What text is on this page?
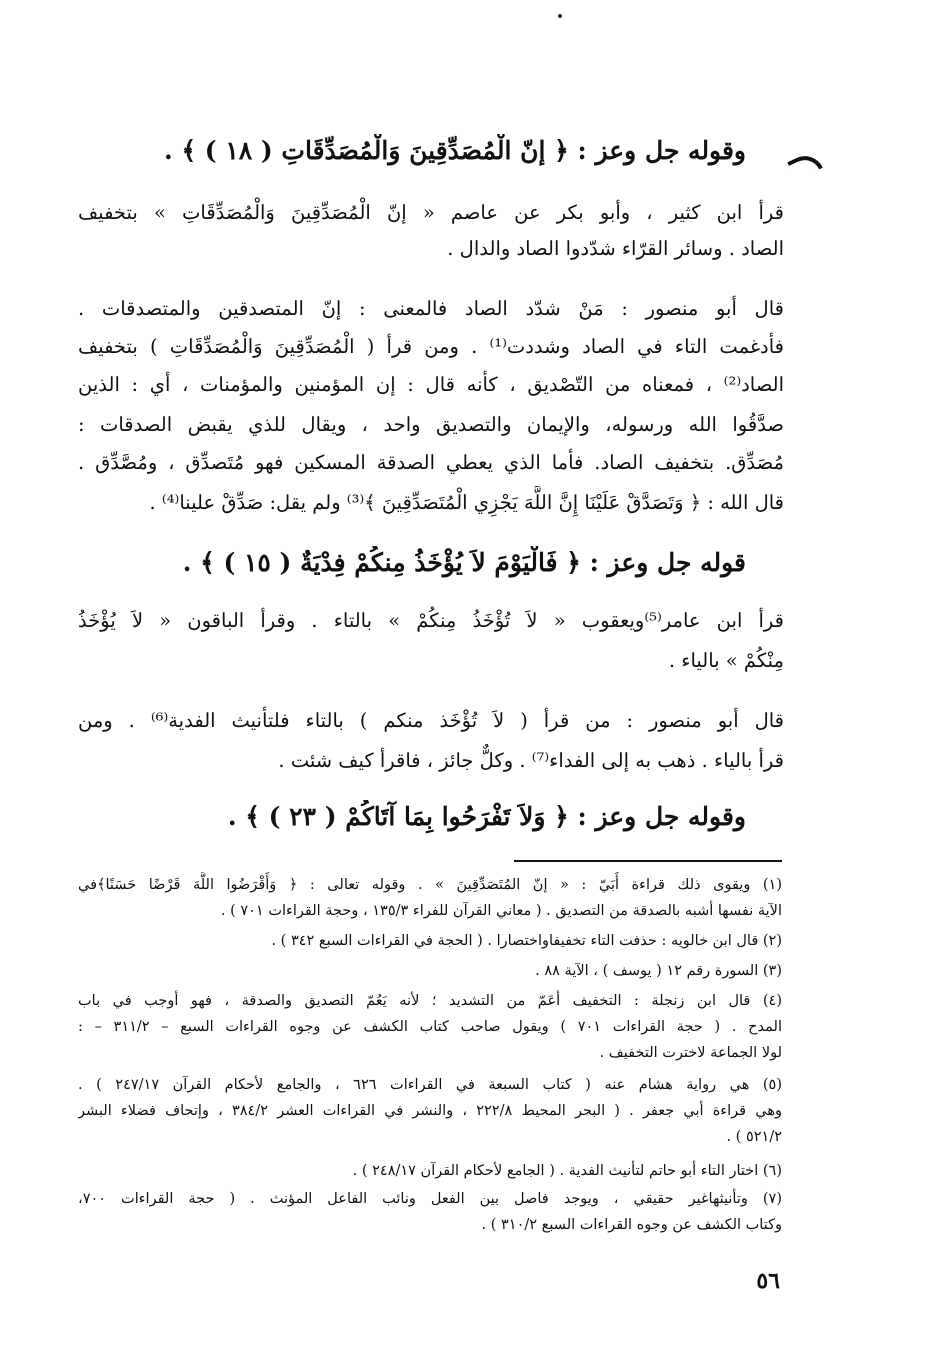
وقوله جل وعز : ﴿ إنّ الْمُصَدِّقِينَ وَالْمُصَدِّقَاتِ ( ١٨ ) ﴾ .
قرأ ابن كثير ، وأبو بكر عن عاصم « إنّ الْمُصَدِّقِينَ وَالْمُصَدِّقَاتِ » بتخفيف
الصاد . وسائر القرّاء شدّدوا الصاد والدال .
قال أبو منصور : مَنْ شدّد الصاد فالمعنى : إنّ المتصدقين والمتصدقات .
فأدغمت التاء في الصاد وشددت⁽¹⁾ . ومن قرأ ( الْمُصَدِّقِينَ وَالْمُصَدِّقَاتِ ) بتخفيف
الصاد⁽²⁾ ، فمعناه من التّصْديق ، كأنه قال : إن المؤمنين والمؤمنات ، أي : الذين
صدَّقُوا الله ورسوله، والإيمان والتصديق واحد ، ويقال للذي يقبض الصدقات :
مُصَدِّق. بتخفيف الصاد. فأما الذي يعطي الصدقة المسكين فهو مُتَصدِّق ، ومُصَّدِّق .
قال الله : ﴿ وَتَصَدَّقْ عَلَيْنَا إِنَّ اللَّهَ يَجْزِي الْمُتَصَدِّقِينَ ﴾⁽³⁾ ولم يقل: صَدِّقْ علينا⁽⁴⁾ .
قوله جل وعز : ﴿ فَالْيَوْمَ لاَ يُؤْخَذُ مِنكُمْ فِدْيَةٌ ( ١٥ ) ﴾ .
قرأ ابن عامر⁽⁵⁾ويعقوب « لاَ تُؤْخَذُ مِنكُمْ » بالتاء . وقرأ الباقون « لاَ يُؤْخَذُ
مِنْكُمْ » بالياء .
قال أبو منصور : من قرأ ( لاَ تُؤْخَذ منكم ) بالتاء فلتأنيث الفدية⁽⁶⁾ . ومن
قرأ بالياء . ذهب به إلى الفداء⁽⁷⁾ . وكلٌّ جائز ، فاقرأ كيف شئت .
وقوله جل وعز : ﴿ وَلاَ تَفْرَحُوا بِمَا آتَاكُمْ ( ٢٣ ) ﴾ .
(١) ويقوى ذلك قراءة أُبَيّ : « إنّ المُتَصَدِّقِينَ » . وقوله تعالى : ﴿ وَأَقْرَضُوا اللَّهَ قَرْضًا حَسَنًا﴾في
الآية نفسها أشبه بالصدقة من التصديق . ( معاني القرآن للفراء ١٣٥/٣ ، وحجة القراءات ٧٠١ ) .
(٢) قال ابن خالويه : حذفت التاء تخفيفاواختصارا . ( الحجة في القراءات السبع ٣٤٢ ) .
(٣) السورة رقم ١٢ ( يوسف ) ، الآية ٨٨ .
(٤) قال ابن زنجلة : التخفيف أعَمّ من التشديد ؛ لأنه يَعُمّ التصديق والصدقة ، فهو أوجب في باب
المدح . ( حجة القراءات ٧٠١ ) ويقول صاحب كتاب الكشف عن وجوه القراءات السبع – ٣١١/٢ – :
لولا الجماعة لاخترت التخفيف .
(٥) هي رواية هشام عنه ( كتاب السبعة في القراءات ٦٢٦ ، والجامع لأحكام القرآن ٢٤٧/١٧ ) .
وهي قراءة أبي جعفر . ( البحر المحيط ٢٢٢/٨ ، والنشر في القراءات العشر ٣٨٤/٢ ، وإتحاف فضلاء البشر
٥٢١/٢ ) .
(٦) اختار التاء أبو حاتم لتأنيث الفدية . ( الجامع لأحكام القرآن ٢٤٨/١٧ ) .
(٧) وتأنيثهاغير حقيقي ، ويوجد فاصل بين الفعل ونائب الفاعل المؤنث . ( حجة القراءات ٧٠٠،
وكتاب الكشف عن وجوه القراءات السبع ٣١٠/٢ ) .
٥٦
